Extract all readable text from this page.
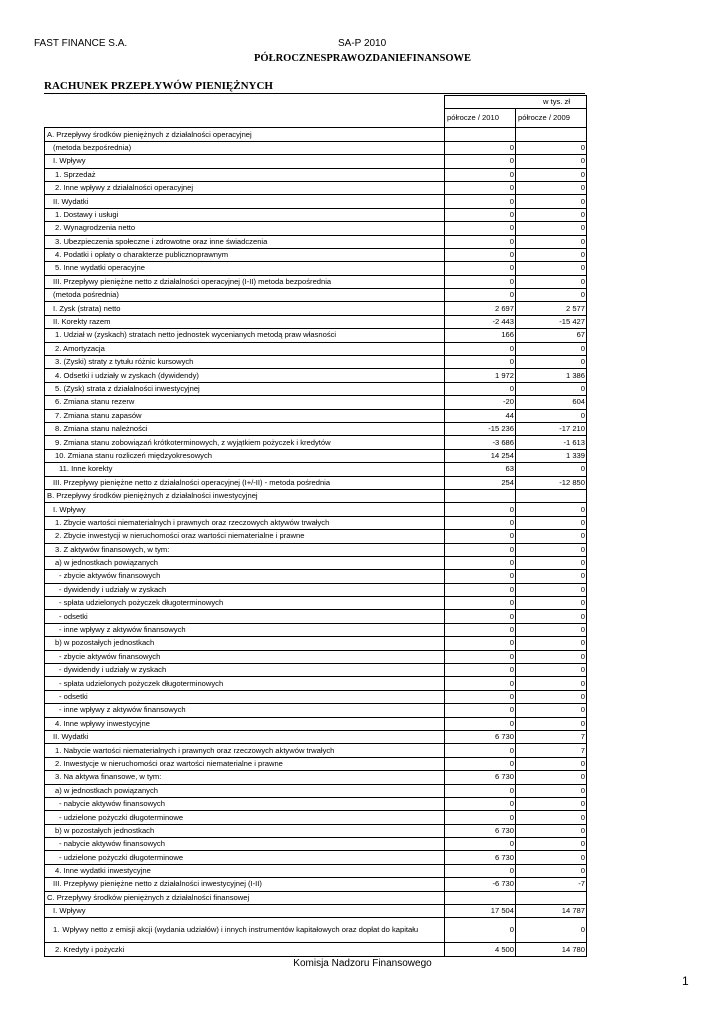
FAST FINANCE S.A.	SA-P 2010
PÓŁROCZNESPRAWOZDANIEFINANSOWE
RACHUNEK PRZEPŁYWÓW PIENIĘŻNYCH
	w tys. zł	
	półrocze / 2010	półrocze / 2009
A. Przepływy środków pieniężnych z działalności operacyjnej		
(metoda bezpośrednia)	0	0
I. Wpływy	0	0
1. Sprzedaż	0	0
2. Inne wpływy z działalności operacyjnej	0	0
II. Wydatki	0	0
1. Dostawy i usługi	0	0
2. Wynagrodzenia netto	0	0
3. Ubezpieczenia społeczne i zdrowotne oraz inne świadczenia	0	0
4. Podatki i opłaty o charakterze publicznoprawnym	0	0
5. Inne wydatki operacyjne	0	0
III. Przepływy pieniężne netto z działalności operacyjnej (I-II) metoda bezpośrednia	0	0
(metoda pośrednia)	0	0
I. Zysk (strata) netto	2 697	2 577
II. Korekty razem	-2 443	-15 427
1. Udział w (zyskach) stratach netto jednostek wycenianych metodą praw własności	166	67
2. Amortyzacja	0	0
3. (Zyski) straty z tytułu różnic kursowych	0	0
4. Odsetki i udziały w zyskach (dywidendy)	1 972	1 386
5. (Zysk) strata z działalności inwestycyjnej	0	0
6. Zmiana stanu rezerw	-20	604
7. Zmiana stanu zapasów	44	0
8. Zmiana stanu należności	-15 236	-17 210
9. Zmiana stanu zobowiązań krótkoterminowych, z wyjątkiem pożyczek i kredytów	-3 686	-1 613
10. Zmiana stanu rozliczeń międzyokresowych	14 254	1 339
11. Inne korekty	63	0
III. Przepływy pieniężne netto z działalności operacyjnej (I+/-II) - metoda pośrednia	254	-12 850
B. Przepływy środków pieniężnych z działalności inwestycyjnej		
I. Wpływy	0	0
1. Zbycie wartości niematerialnych i prawnych oraz rzeczowych aktywów trwałych	0	0
2. Zbycie inwestycji w nieruchomości oraz wartości niematerialne i prawne	0	0
3. Z aktywów finansowych, w tym:	0	0
a) w jednostkach powiązanych	0	0
- zbycie aktywów finansowych	0	0
- dywidendy i udziały w zyskach	0	0
- spłata udzielonych pożyczek długoterminowych	0	0
- odsetki	0	0
- inne wpływy z aktywów finansowych	0	0
b) w pozostałych jednostkach	0	0
- zbycie aktywów finansowych	0	0
- dywidendy i udziały w zyskach	0	0
- spłata udzielonych pożyczek długoterminowych	0	0
- odsetki	0	0
- inne wpływy z aktywów finansowych	0	0
4. Inne wpływy inwestycyjne	0	0
II. Wydatki	6 730	7
1. Nabycie wartości niematerialnych i prawnych oraz rzeczowych aktywów trwałych	0	7
2. Inwestycje w nieruchomości oraz wartości niematerialne i prawne	0	0
3. Na aktywa finansowe, w tym:	6 730	0
a) w jednostkach powiązanych	0	0
- nabycie aktywów finansowych	0	0
- udzielone pożyczki długoterminowe	0	0
b) w pozostałych jednostkach	6 730	0
- nabycie aktywów finansowych	0	0
- udzielone pożyczki długoterminowe	6 730	0
4. Inne wydatki inwestycyjne	0	0
III. Przepływy pieniężne netto z działalności inwestycyjnej (I-II)	-6 730	-7
C. Przepływy środków pieniężnych z działalności finansowej		
I. Wpływy	17 504	14 787
1. Wpływy netto z emisji akcji (wydania udziałów) i innych instrumentów kapitałowych oraz dopłat do kapitału	0	0
2. Kredyty i pożyczki	4 500	14 780
Komisja Nadzoru Finansowego
1
